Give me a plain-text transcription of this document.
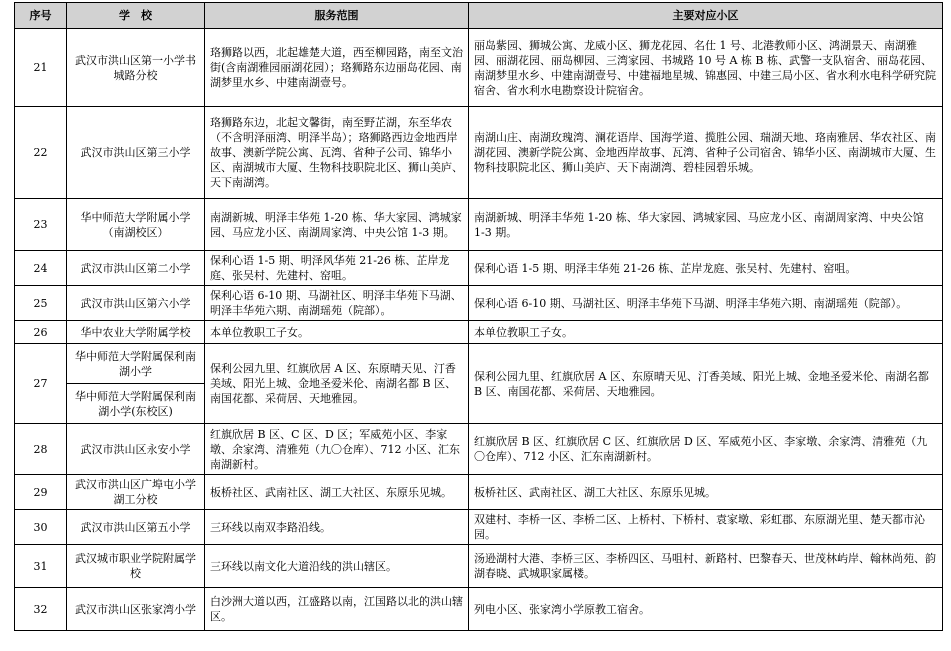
序号	学　校	服务范围	主要对应小区
21	武汉市洪山区第一小学书城路分校	珞狮路以西，北起雄楚大道，西至柳园路，南至文治街(含南湖雅园丽湖花园）；珞狮路东边丽岛花园、南湖梦里水乡、中建南湖壹号。	丽岛紫园、狮城公寓、龙威小区、狮龙花园、名仕 1 号、北港教师小区、鸿湖景天、南湖雅园、丽湖花园、丽岛柳园、三湾家园、书城路 10 号 A 栋 B 栋、武警一支队宿舍、丽岛花园、南湖梦里水乡、中建南湖壹号、中建福地星城、锦惠园、中建三局小区、省水利水电科学研究院宿舍、省水利水电勘察设计院宿舍。
22	武汉市洪山区第三小学	珞狮路东边，北起文馨街，南至野芷湖，东至华农（不含明泽丽湾、明泽半岛）；珞狮路西边金地西岸故事、澳新学院公寓、瓦湾、省种子公司、锦华小区、南湖城市大厦、生物科技职院北区、狮山美庐、天下南湖湾。	南湖山庄、南湖玫瑰湾、澜花语岸、国海学道、揽胜公园、瑞湖天地、珞南雅居、华农社区、南湖花园、澳新学院公寓、金地西岸故事、瓦湾、省种子公司宿舍、锦华小区、南湖城市大厦、生物科技职院北区、狮山美庐、天下南湖湾、碧桂园碧乐城。
23	华中师范大学附属小学（南湖校区）	南湖新城、明泽丰华苑 1-20 栋、华大家园、鸿城家园、马应龙小区、南湖周家湾、中央公馆 1-3 期。	南湖新城、明泽丰华苑 1-20 栋、华大家园、鸿城家园、马应龙小区、南湖周家湾、中央公馆 1-3 期。
24	武汉市洪山区第二小学	保利心语 1-5 期、明泽风华苑 21-26 栋、芷岸龙庭、张吴村、先建村、窑咀。	保利心语 1-5 期、明泽丰华苑 21-26 栋、芷岸龙庭、张吴村、先建村、窑咀。
25	武汉市洪山区第六小学	保利心语 6-10 期、马湖社区、明泽丰华苑下马湖、明泽丰华苑六期、南湖瑶苑（院部）。	保利心语 6-10 期、马湖社区、明泽丰华苑下马湖、明泽丰华苑六期、南湖瑶苑（院部）。
26	华中农业大学附属学校	本单位教职工子女。	本单位教职工子女。
27	华中师范大学附属保利南湖小学	保利公园九里、红旗欣居 A 区、东原晴天见、汀香美域、阳光上城、金地圣爱米伦、南湖名都 B 区、南国花都、采荷居、天地雅园。	保利公园九里、红旗欣居 A 区、东原晴天见、汀香美域、阳光上城、金地圣爱米伦、南湖名都 B 区、南国花都、采荷居、天地雅园。
	华中师范大学附属保利南湖小学(东校区)		
28	武汉市洪山区永安小学	红旗欣居 B 区、C 区、D 区；军威苑小区、李家墩、余家湾、清雅苑（九〇仓库）、712 小区、汇东南湖新村。	红旗欣居 B 区、红旗欣居 C 区、红旗欣居 D 区、军威苑小区、李家墩、余家湾、清雅苑（九〇仓库）、712 小区、汇东南湖新村。
29	武汉市洪山区广埠屯小学湖工分校	板桥社区、武南社区、湖工大社区、东原乐见城。	板桥社区、武南社区、湖工大社区、东原乐见城。
30	武汉市洪山区第五小学	三环线以南双李路沿线。	双建村、李桥一区、李桥二区、上桥村、下桥村、袁家墩、彩虹郡、东原湖光里、楚天都市沁园。
31	武汉城市职业学院附属学校	三环线以南文化大道沿线的洪山辖区。	汤逊湖村大港、李桥三区、李桥四区、马咀村、新路村、巴黎春天、世茂林屿岸、翰林尚苑、韵湖春晓、武城职家属楼。
32	武汉市洪山区张家湾小学	白沙洲大道以西，江盛路以南，江国路以北的洪山辖区。	列电小区、张家湾小学原教工宿舍。
